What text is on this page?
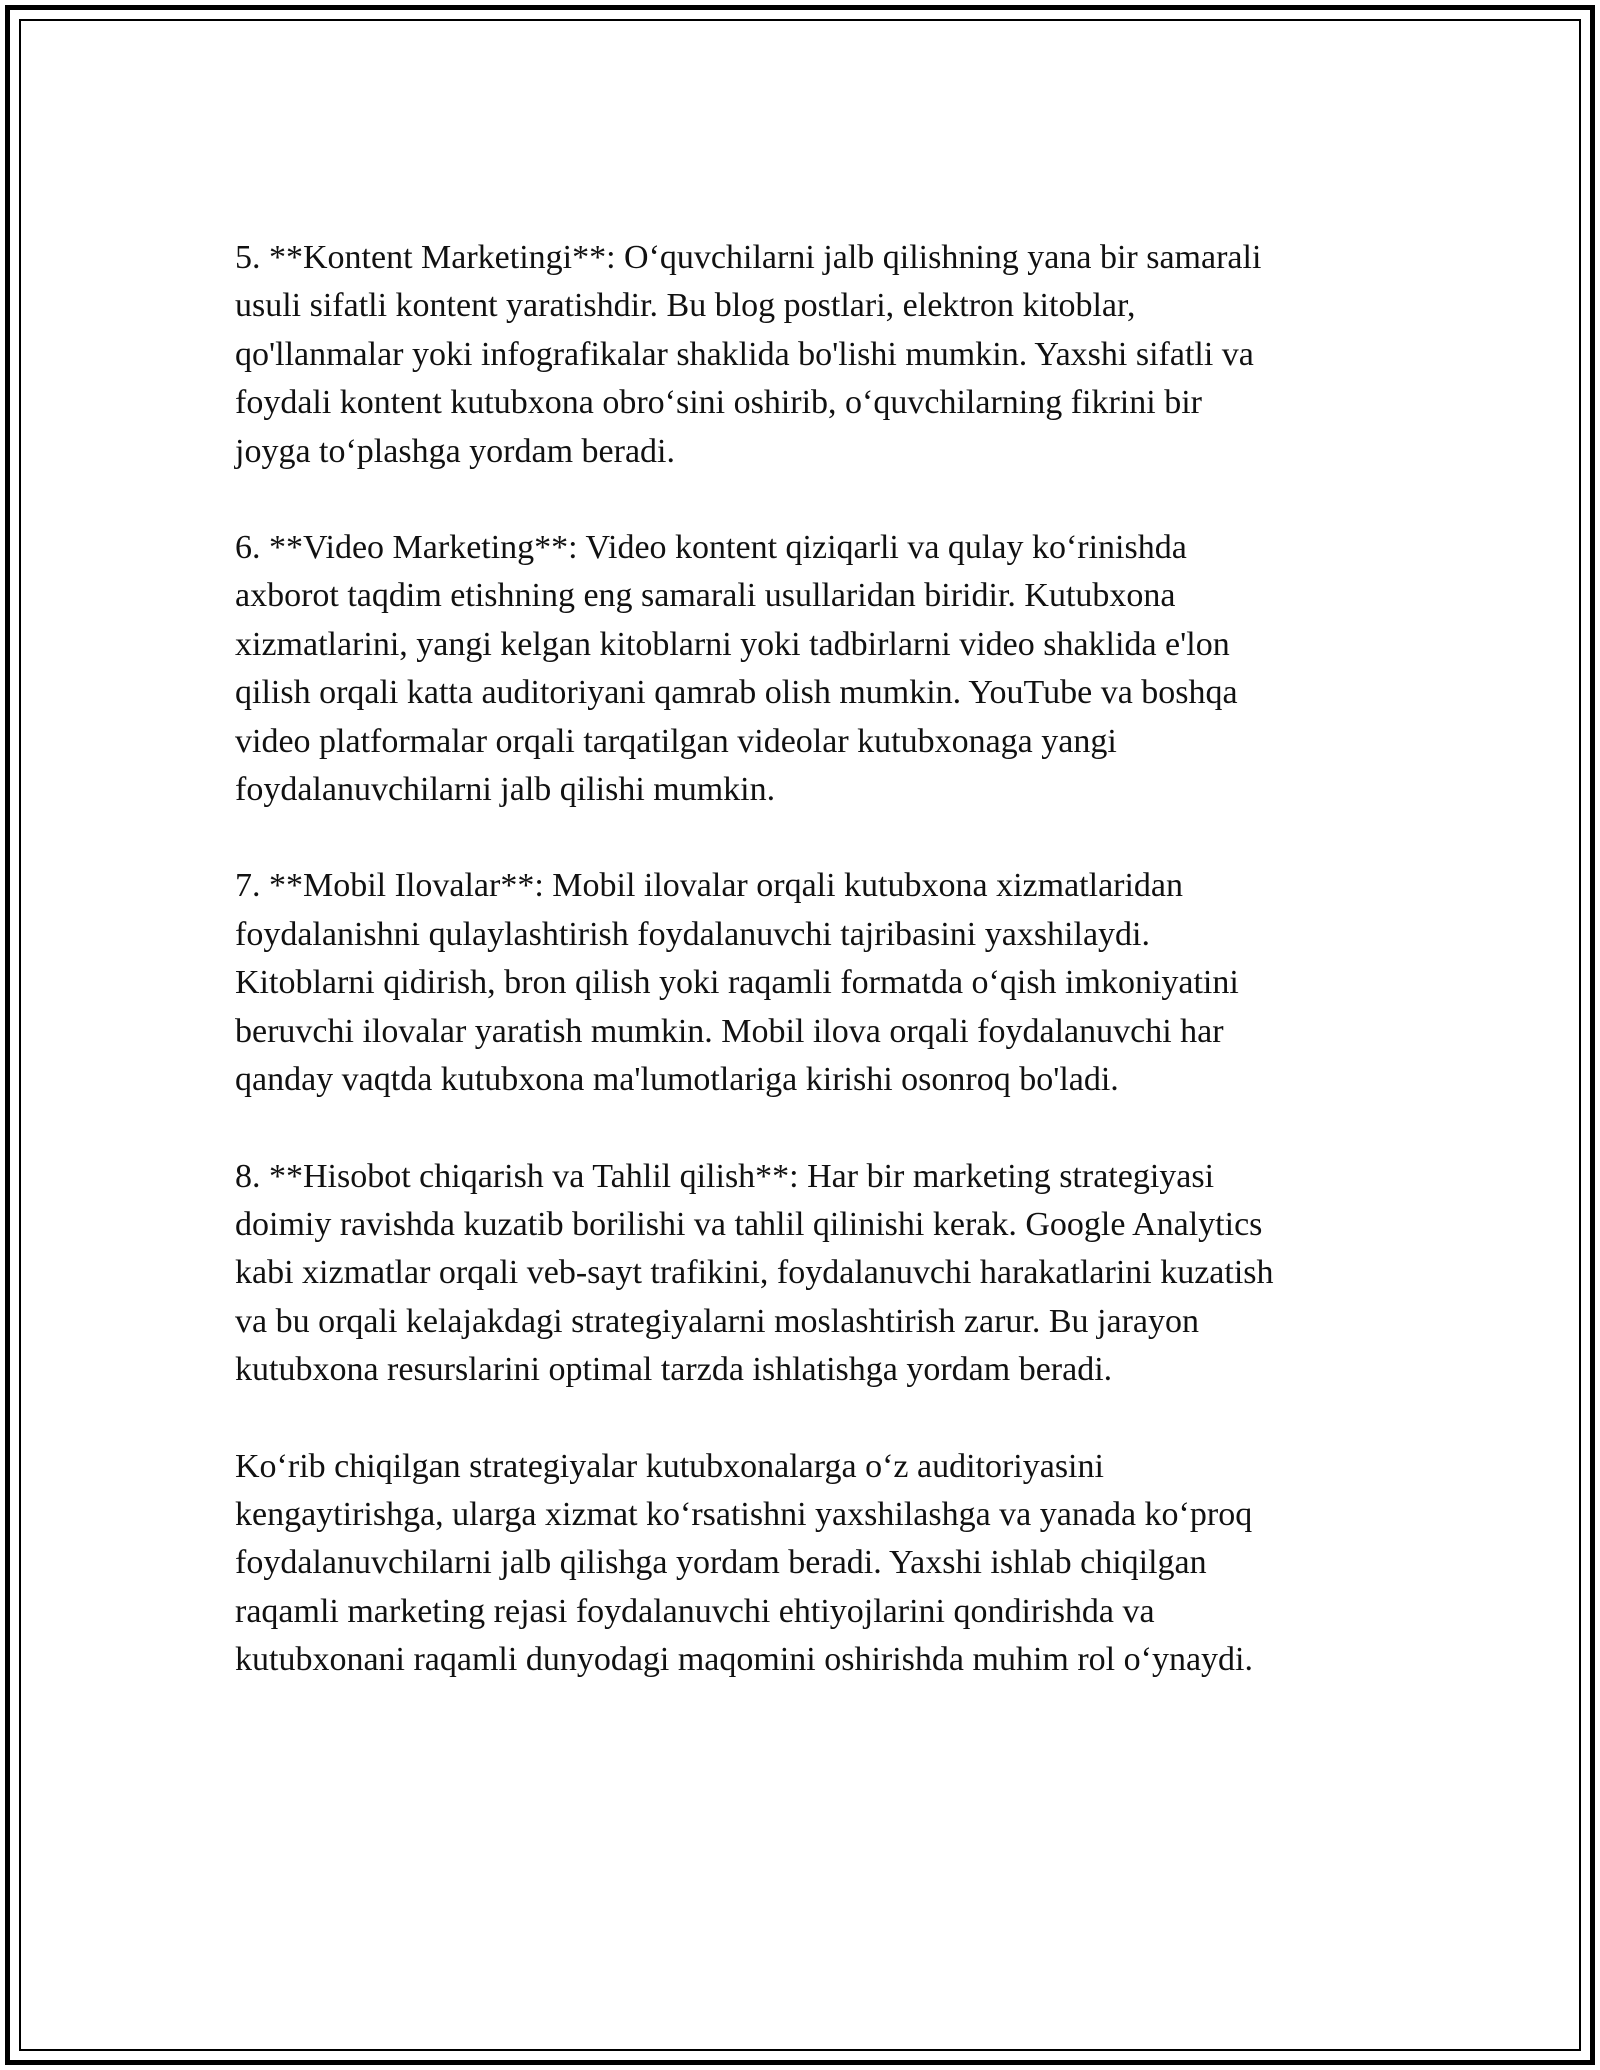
5. **Kontent Marketingi**: O‘quvchilarni jalb qilishning yana bir samarali
usuli sifatli kontent yaratishdir. Bu blog postlari, elektron kitoblar,
qo'llanmalar yoki infografikalar shaklida bo'lishi mumkin. Yaxshi sifatli va
foydali kontent kutubxona obro‘sini oshirib, o‘quvchilarning fikrini bir
joyga to‘plashga yordam beradi.

6. **Video Marketing**: Video kontent qiziqarli va qulay ko‘rinishda
axborot taqdim etishning eng samarali usullaridan biridir. Kutubxona
xizmatlarini, yangi kelgan kitoblarni yoki tadbirlarni video shaklida e'lon
qilish orqali katta auditoriyani qamrab olish mumkin. YouTube va boshqa
video platformalar orqali tarqatilgan videolar kutubxonaga yangi
foydalanuvchilarni jalb qilishi mumkin.

7. **Mobil Ilovalar**: Mobil ilovalar orqali kutubxona xizmatlaridan
foydalanishni qulaylashtirish foydalanuvchi tajribasini yaxshilaydi.
Kitoblarni qidirish, bron qilish yoki raqamli formatda o‘qish imkoniyatini
beruvchi ilovalar yaratish mumkin. Mobil ilova orqali foydalanuvchi har
qanday vaqtda kutubxona ma'lumotlariga kirishi osonroq bo'ladi.

8. **Hisobot chiqarish va Tahlil qilish**: Har bir marketing strategiyasi
doimiy ravishda kuzatib borilishi va tahlil qilinishi kerak. Google Analytics
kabi xizmatlar orqali veb-sayt trafikini, foydalanuvchi harakatlarini kuzatish
va bu orqali kelajakdagi strategiyalarni moslashtirish zarur. Bu jarayon
kutubxona resurslarini optimal tarzda ishlatishga yordam beradi.

Ko‘rib chiqilgan strategiyalar kutubxonalarga o‘z auditoriyasini
kengaytirishga, ularga xizmat ko‘rsatishni yaxshilashga va yanada ko‘proq
foydalanuvchilarni jalb qilishga yordam beradi. Yaxshi ishlab chiqilgan
raqamli marketing rejasi foydalanuvchi ehtiyojlarini qondirishda va
kutubxonani raqamli dunyodagi maqomini oshirishda muhim rol o‘ynaydi.
